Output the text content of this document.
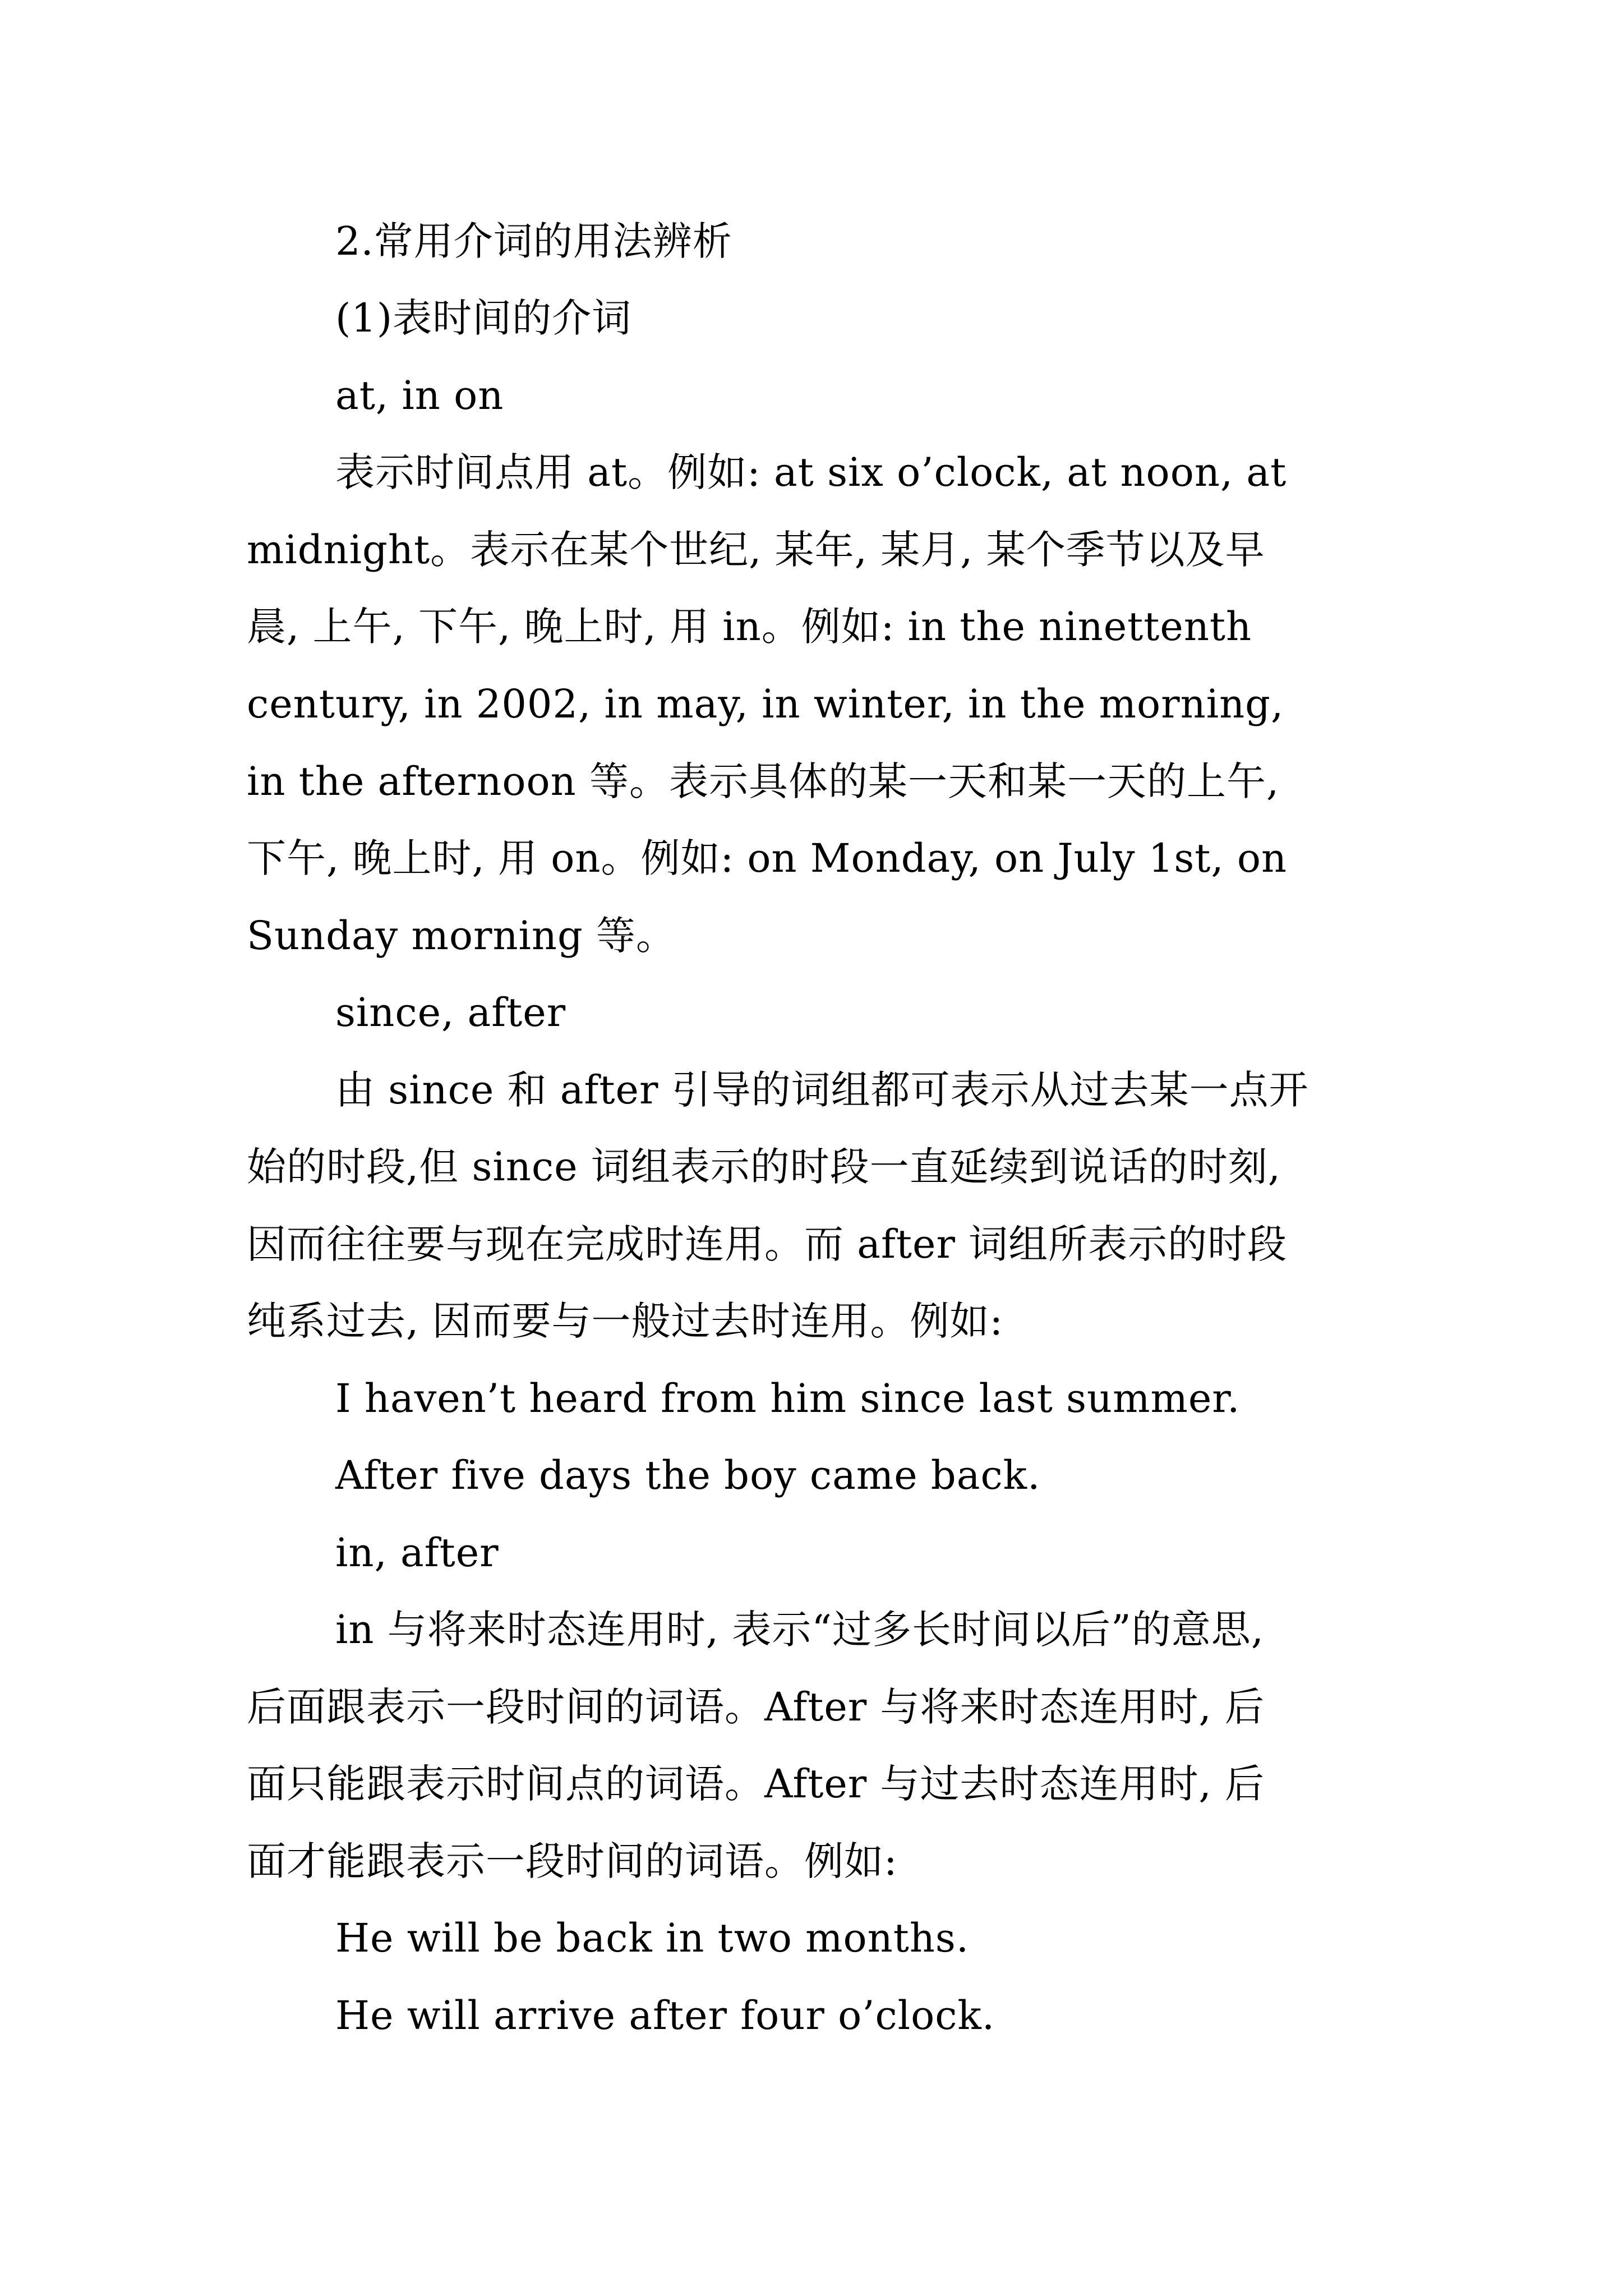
2.常用介词的用法辨析
(1)表时间的介词
at, in on
表示时间点用 at。例如: at six o’clock, at noon, at
midnight。表示在某个世纪, 某年, 某月, 某个季节以及早
晨, 上午, 下午, 晚上时, 用 in。例如: in the ninettenth
century, in 2002, in may, in winter, in the morning,
in the afternoon 等。表示具体的某一天和某一天的上午,
下午, 晚上时, 用 on。例如: on Monday, on July 1st, on
Sunday morning 等。
since, after
由 since 和 after 引导的词组都可表示从过去某一点开
始的时段,但 since 词组表示的时段一直延续到说话的时刻,
因而往往要与现在完成时连用。而 after 词组所表示的时段
纯系过去, 因而要与一般过去时连用。例如:
I haven’t heard from him since last summer.
After five days the boy came back.
in, after
in 与将来时态连用时, 表示“过多长时间以后”的意思,
后面跟表示一段时间的词语。After 与将来时态连用时, 后
面只能跟表示时间点的词语。After 与过去时态连用时, 后
面才能跟表示一段时间的词语。例如:
He will be back in two months.
He will arrive after four o’clock.
